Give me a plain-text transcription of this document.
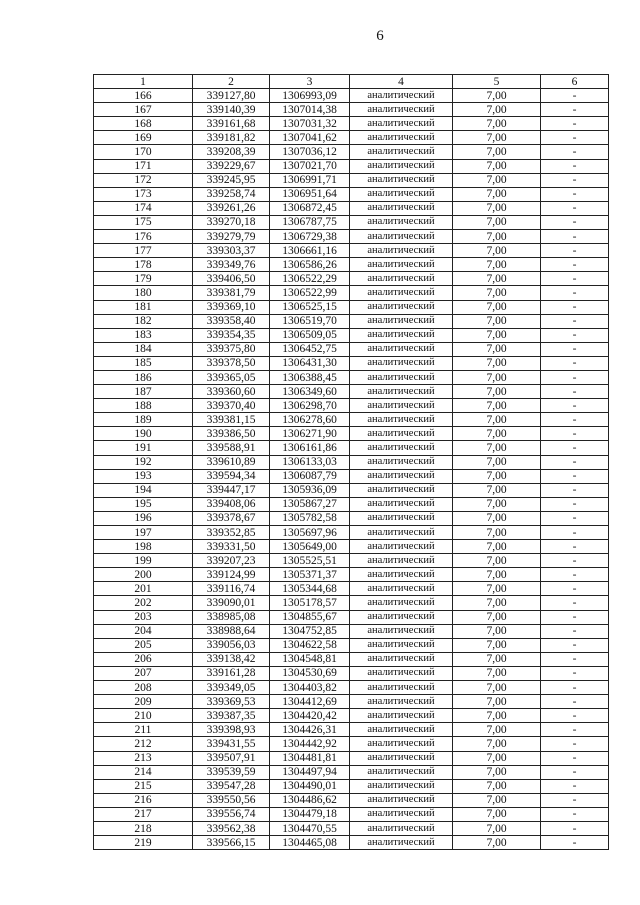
6
1	2	3	4	5	6
166	339127,80	1306993,09	аналитический	7,00	-
167	339140,39	1307014,38	аналитический	7,00	-
168	339161,68	1307031,32	аналитический	7,00	-
169	339181,82	1307041,62	аналитический	7,00	-
170	339208,39	1307036,12	аналитический	7,00	-
171	339229,67	1307021,70	аналитический	7,00	-
172	339245,95	1306991,71	аналитический	7,00	-
173	339258,74	1306951,64	аналитический	7,00	-
174	339261,26	1306872,45	аналитический	7,00	-
175	339270,18	1306787,75	аналитический	7,00	-
176	339279,79	1306729,38	аналитический	7,00	-
177	339303,37	1306661,16	аналитический	7,00	-
178	339349,76	1306586,26	аналитический	7,00	-
179	339406,50	1306522,29	аналитический	7,00	-
180	339381,79	1306522,99	аналитический	7,00	-
181	339369,10	1306525,15	аналитический	7,00	-
182	339358,40	1306519,70	аналитический	7,00	-
183	339354,35	1306509,05	аналитический	7,00	-
184	339375,80	1306452,75	аналитический	7,00	-
185	339378,50	1306431,30	аналитический	7,00	-
186	339365,05	1306388,45	аналитический	7,00	-
187	339360,60	1306349,60	аналитический	7,00	-
188	339370,40	1306298,70	аналитический	7,00	-
189	339381,15	1306278,60	аналитический	7,00	-
190	339386,50	1306271,90	аналитический	7,00	-
191	339588,91	1306161,86	аналитический	7,00	-
192	339610,89	1306133,03	аналитический	7,00	-
193	339594,34	1306087,79	аналитический	7,00	-
194	339447,17	1305936,09	аналитический	7,00	-
195	339408,06	1305867,27	аналитический	7,00	-
196	339378,67	1305782,58	аналитический	7,00	-
197	339352,85	1305697,96	аналитический	7,00	-
198	339331,50	1305649,00	аналитический	7,00	-
199	339207,23	1305525,51	аналитический	7,00	-
200	339124,99	1305371,37	аналитический	7,00	-
201	339116,74	1305344,68	аналитический	7,00	-
202	339090,01	1305178,57	аналитический	7,00	-
203	338985,08	1304855,67	аналитический	7,00	-
204	338988,64	1304752,85	аналитический	7,00	-
205	339056,03	1304622,58	аналитический	7,00	-
206	339138,42	1304548,81	аналитический	7,00	-
207	339161,28	1304530,69	аналитический	7,00	-
208	339349,05	1304403,82	аналитический	7,00	-
209	339369,53	1304412,69	аналитический	7,00	-
210	339387,35	1304420,42	аналитический	7,00	-
211	339398,93	1304426,31	аналитический	7,00	-
212	339431,55	1304442,92	аналитический	7,00	-
213	339507,91	1304481,81	аналитический	7,00	-
214	339539,59	1304497,94	аналитический	7,00	-
215	339547,28	1304490,01	аналитический	7,00	-
216	339550,56	1304486,62	аналитический	7,00	-
217	339556,74	1304479,18	аналитический	7,00	-
218	339562,38	1304470,55	аналитический	7,00	-
219	339566,15	1304465,08	аналитический	7,00	-
